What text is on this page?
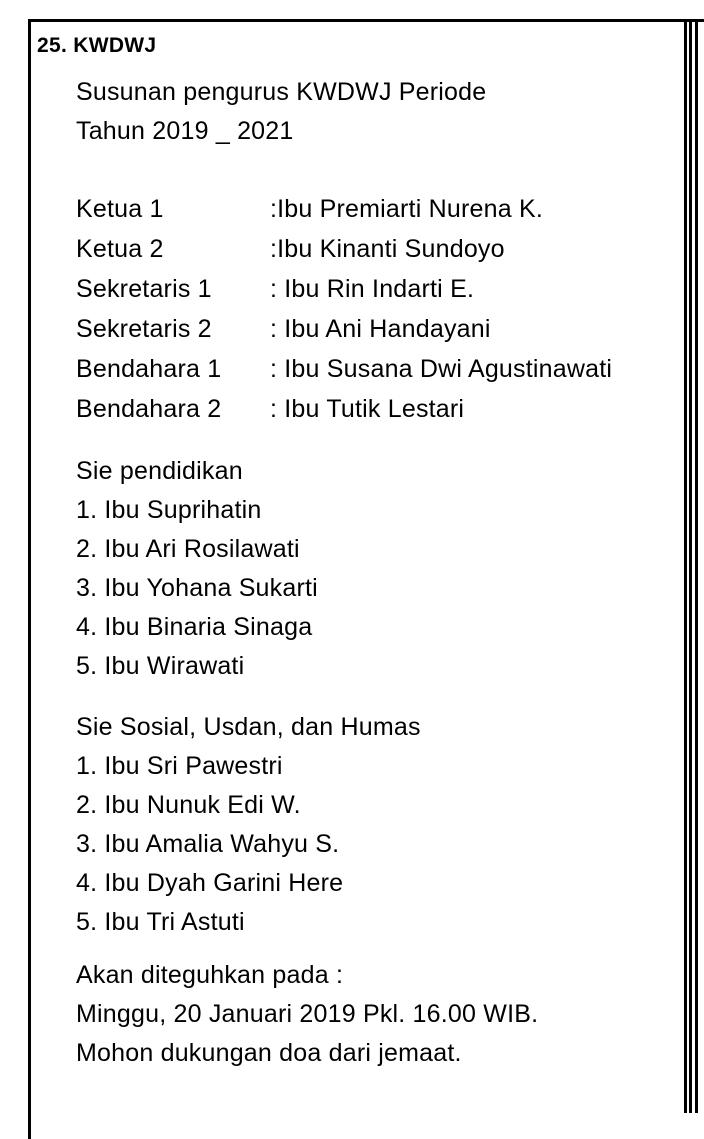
25. KWDWJ
Susunan pengurus KWDWJ Periode
Tahun 2019 _ 2021
Ketua 1	:Ibu Premiarti Nurena K.
Ketua 2	:Ibu Kinanti Sundoyo
Sekretaris 1	: Ibu Rin Indarti E.
Sekretaris 2	: Ibu Ani Handayani
Bendahara 1	: Ibu Susana Dwi Agustinawati
Bendahara 2	: Ibu Tutik Lestari
Sie pendidikan
1. Ibu Suprihatin
2. Ibu Ari Rosilawati
3. Ibu Yohana Sukarti
4. Ibu Binaria Sinaga
5. Ibu Wirawati
Sie Sosial, Usdan, dan Humas
1. Ibu Sri Pawestri
2. Ibu Nunuk Edi W.
3. Ibu Amalia Wahyu S.
4. Ibu Dyah Garini Here
5. Ibu Tri Astuti
Akan diteguhkan pada :
Minggu, 20 Januari 2019 Pkl. 16.00 WIB.
Mohon dukungan doa dari jemaat.
